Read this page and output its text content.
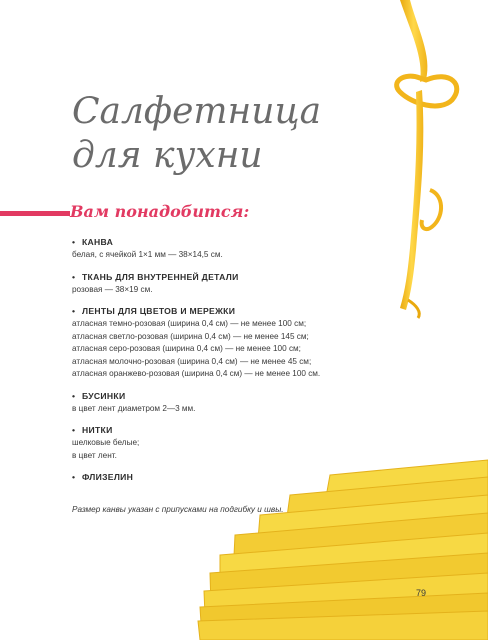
Салфетница
для кухни
Вам понадобится:
• КАНВА
белая, с ячейкой 1×1 мм — 38×14,5 см.
• ТКАНЬ ДЛЯ ВНУТРЕННЕЙ ДЕТАЛИ
розовая — 38×19 см.
• ЛЕНТЫ ДЛЯ ЦВЕТОВ И МЕРЕЖКИ
атласная темно-розовая (ширина 0,4 см) — не менее 100 см;
атласная светло-розовая (ширина 0,4 см) — не менее 145 см;
атласная серо-розовая (ширина 0,4 см) — не менее 100 см;
атласная молочно-розовая (ширина 0,4 см) — не менее 45 см;
атласная оранжево-розовая (ширина 0,4 см) — не менее 100 см.
• БУСИНКИ
в цвет лент диаметром 2—3 мм.
• НИТКИ
шелковые белые;
в цвет лент.
• ФЛИЗЕЛИН
Размер канвы указан с припусками на подгибку и швы.
79
